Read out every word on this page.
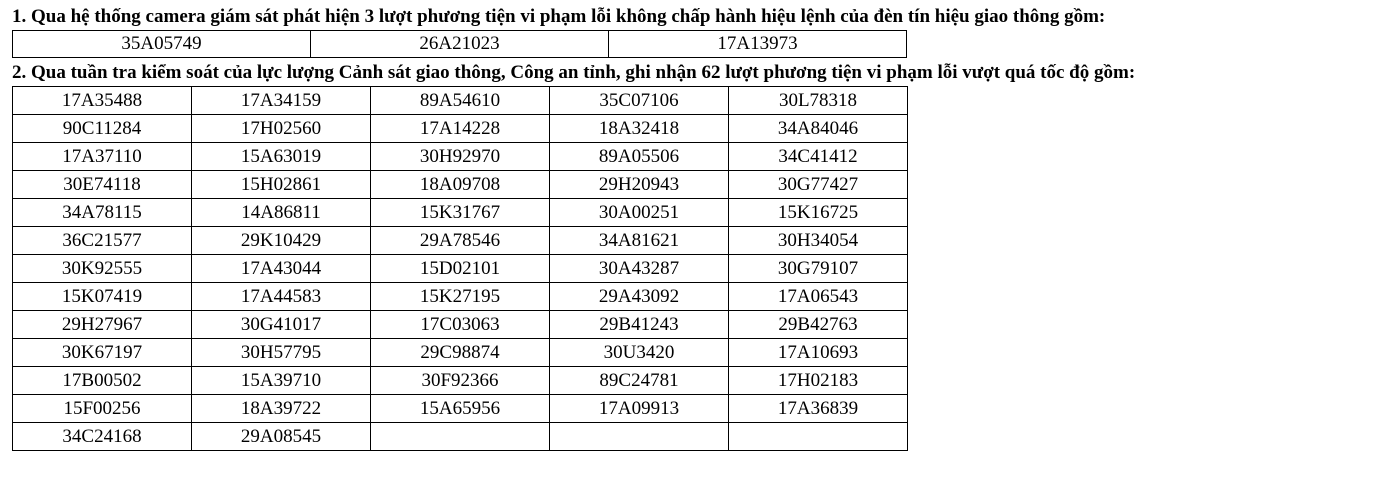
1. Qua hệ thống camera giám sát phát hiện 3 lượt phương tiện vi phạm lỗi không chấp hành hiệu lệnh của đèn tín hiệu giao thông gồm:
35A05749	26A21023	17A13973
2. Qua tuần tra kiểm soát của lực lượng Cảnh sát giao thông, Công an tỉnh, ghi nhận 62 lượt phương tiện vi phạm lỗi vượt quá tốc độ gồm:
17A35488	17A34159	89A54610	35C07106	30L78318
90C11284	17H02560	17A14228	18A32418	34A84046
17A37110	15A63019	30H92970	89A05506	34C41412
30E74118	15H02861	18A09708	29H20943	30G77427
34A78115	14A86811	15K31767	30A00251	15K16725
36C21577	29K10429	29A78546	34A81621	30H34054
30K92555	17A43044	15D02101	30A43287	30G79107
15K07419	17A44583	15K27195	29A43092	17A06543
29H27967	30G41017	17C03063	29B41243	29B42763
30K67197	30H57795	29C98874	30U3420	17A10693
17B00502	15A39710	30F92366	89C24781	17H02183
15F00256	18A39722	15A65956	17A09913	17A36839
34C24168	29A08545			
